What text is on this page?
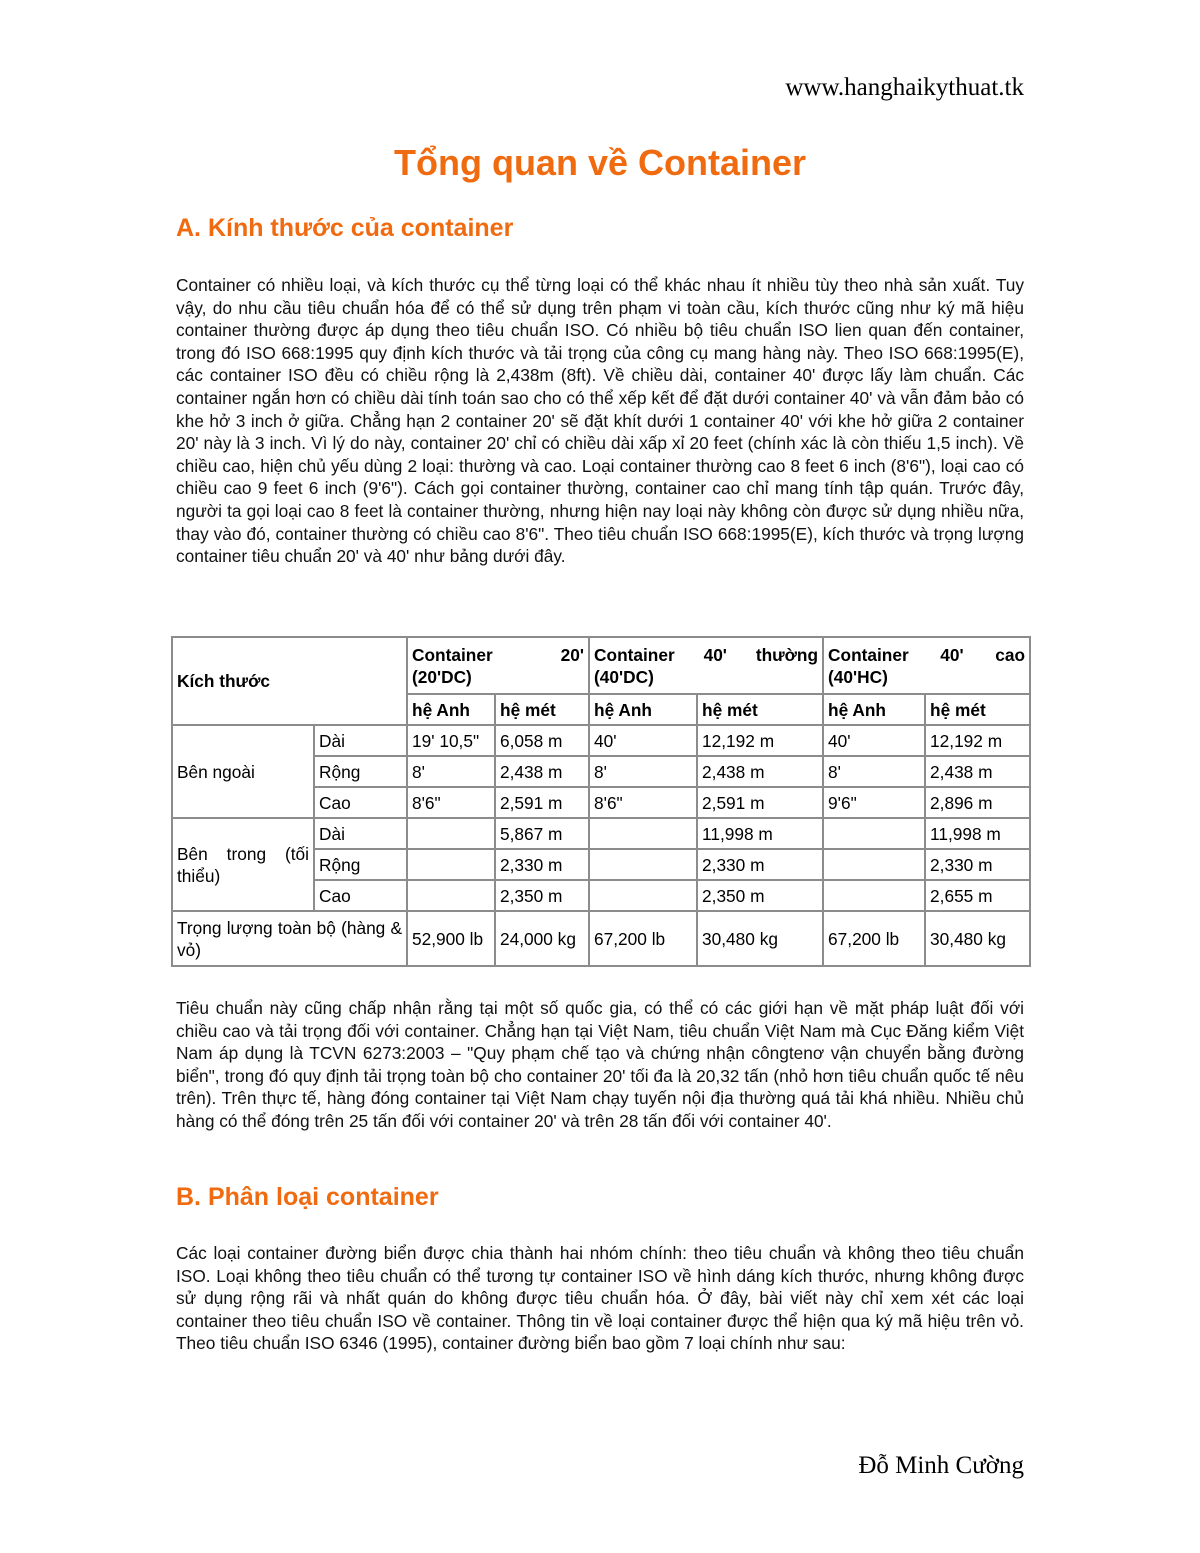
www.hanghaikythuat.tk
Tổng quan về Container
A. Kính thước của container
Container có nhiều loại, và kích thước cụ thể từng loại có thể khác nhau ít nhiều tùy theo nhà sản xuất. Tuy vậy, do nhu cầu tiêu chuẩn hóa để có thể sử dụng trên phạm vi toàn cầu, kích thước cũng như ký mã hiệu container thường được áp dụng theo tiêu chuẩn ISO. Có nhiều bộ tiêu chuẩn ISO lien quan đến container, trong đó ISO 668:1995 quy định kích thước và tải trọng của công cụ mang hàng này. Theo ISO 668:1995(E), các container ISO đều có chiều rộng là 2,438m (8ft). Về chiều dài, container 40' được lấy làm chuẩn. Các container ngắn hơn có chiều dài tính toán sao cho có thể xếp kết để đặt dưới container 40' và vẫn đảm bảo có khe hở 3 inch ở giữa. Chẳng hạn 2 container 20' sẽ đặt khít dưới 1 container 40' với khe hở giữa 2 container 20' này là 3 inch. Vì lý do này, container 20' chỉ có chiều dài xấp xỉ 20 feet (chính xác là còn thiếu 1,5 inch). Về chiều cao, hiện chủ yếu dùng 2 loại: thường và cao. Loại container thường cao 8 feet 6 inch (8'6"), loại cao có chiều cao 9 feet 6 inch (9'6"). Cách gọi container thường, container cao chỉ mang tính tập quán. Trước đây, người ta gọi loại cao 8 feet là container thường, nhưng hiện nay loại này không còn được sử dụng nhiều nữa, thay vào đó, container thường có chiều cao 8'6". Theo tiêu chuẩn ISO 668:1995(E), kích thước và trọng lượng container tiêu chuẩn 20' và 40' như bảng dưới đây.
Kích thước		Container 20' (20'DC)		Container 40' thường (40'DC)		Container 40' cao (40'HC)	
		hệ Anh	hệ mét	hệ Anh	hệ mét	hệ Anh	hệ mét
Bên ngoài	Dài	19' 10,5"	6,058 m	40'	12,192 m	40'	12,192 m
	Rộng	8'	2,438 m	8'	2,438 m	8'	2,438 m
	Cao	8'6"	2,591 m	8'6"	2,591 m	9'6"	2,896 m
Bên trong (tối thiểu)	Dài		5,867 m		11,998 m		11,998 m
	Rộng		2,330 m		2,330 m		2,330 m
	Cao		2,350 m		2,350 m		2,655 m
Trọng lượng toàn bộ (hàng & vỏ)		52,900 lb	24,000 kg	67,200 lb	30,480 kg	67,200 lb	30,480 kg
Tiêu chuẩn này cũng chấp nhận rằng tại một số quốc gia, có thể có các giới hạn về mặt pháp luật đối với chiều cao và tải trọng đối với container. Chẳng hạn tại Việt Nam, tiêu chuẩn Việt Nam mà Cục Đăng kiểm Việt Nam áp dụng là TCVN 6273:2003 – "Quy phạm chế tạo và chứng nhận côngtenơ vận chuyển bằng đường biển", trong đó quy định tải trọng toàn bộ cho container 20' tối đa là 20,32 tấn (nhỏ hơn tiêu chuẩn quốc tế nêu trên). Trên thực tế, hàng đóng container tại Việt Nam chạy tuyến nội địa thường quá tải khá nhiều. Nhiều chủ hàng có thể đóng trên 25 tấn đối với container 20' và trên 28 tấn đối với container 40'.
B. Phân loại container
Các loại container đường biển được chia thành hai nhóm chính: theo tiêu chuẩn và không theo tiêu chuẩn ISO. Loại không theo tiêu chuẩn có thể tương tự container ISO về hình dáng kích thước, nhưng không được sử dụng rộng rãi và nhất quán do không được tiêu chuẩn hóa. Ở đây, bài viết này chỉ xem xét các loại container theo tiêu chuẩn ISO về container. Thông tin về loại container được thể hiện qua ký mã hiệu trên vỏ. Theo tiêu chuẩn ISO 6346 (1995), container đường biển bao gồm 7 loại chính như sau:
Đỗ Minh Cường
